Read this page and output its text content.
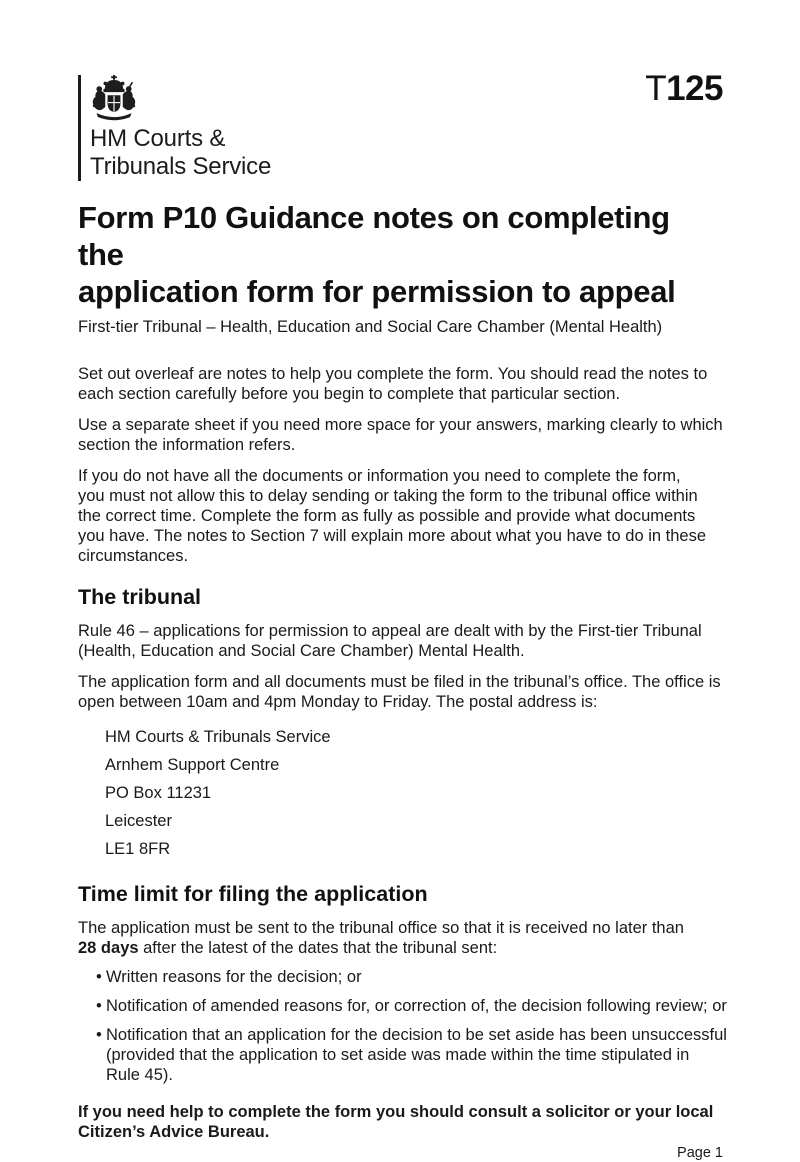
HM Courts &
Tribunals Service
T125
Form P10 Guidance notes on completing the
application form for permission to appeal

First-tier Tribunal – Health, Education and Social Care Chamber (Mental Health)

Set out overleaf are notes to help you complete the form. You should read the notes to
each section carefully before you begin to complete that particular section.
Use a separate sheet if you need more space for your answers, marking clearly to which
section the information refers.
If you do not have all the documents or information you need to complete the form,
you must not allow this to delay sending or taking the form to the tribunal office within
the correct time. Complete the form as fully as possible and provide what documents
you have. The notes to Section 7 will explain more about what you have to do in these
circumstances.
The tribunal
Rule 46 – applications for permission to appeal are dealt with by the First-tier Tribunal
(Health, Education and Social Care Chamber) Mental Health.
The application form and all documents must be filed in the tribunal’s office. The office is
open between 10am and 4pm Monday to Friday. The postal address is:
HM Courts & Tribunals Service
Arnhem Support Centre
PO Box 11231
Leicester
LE1 8FR
Time limit for filing the application
The application must be sent to the tribunal office so that it is received no later than
28 days after the latest of the dates that the tribunal sent:
• Written reasons for the decision; or
• Notification of amended reasons for, or correction of, the decision following review; or
• Notification that an application for the decision to be set aside has been unsuccessful
(provided that the application to set aside was made within the time stipulated in
Rule 45).
If you need help to complete the form you should consult a solicitor or your local
Citizen’s Advice Bureau.
Page 1
